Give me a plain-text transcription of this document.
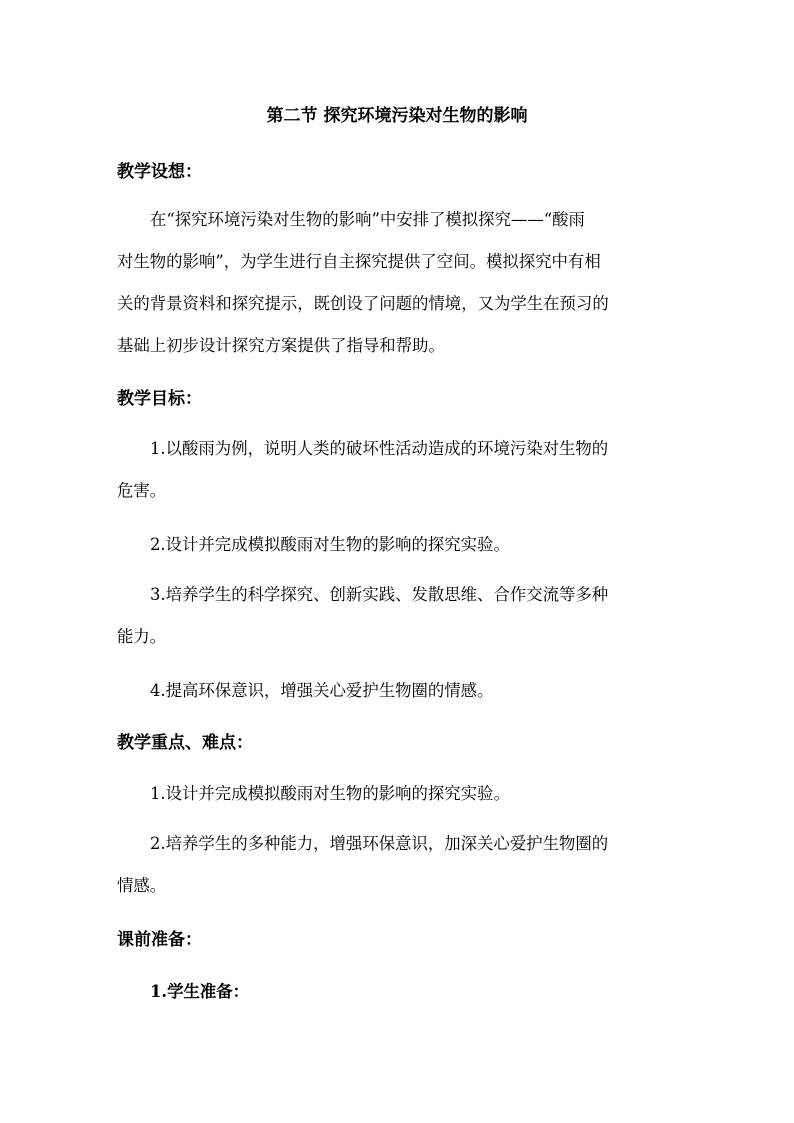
第二节 探究环境污染对生物的影响
教学设想：
在“探究环境污染对生物的影响”中安排了模拟探究——“酸雨
对生物的影响”，为学生进行自主探究提供了空间。模拟探究中有相
关的背景资料和探究提示，既创设了问题的情境，又为学生在预习的
基础上初步设计探究方案提供了指导和帮助。
教学目标：
1.以酸雨为例，说明人类的破坏性活动造成的环境污染对生物的
危害。
2.设计并完成模拟酸雨对生物的影响的探究实验。
3.培养学生的科学探究、创新实践、发散思维、合作交流等多种
能力。
4.提高环保意识，增强关心爱护生物圈的情感。
教学重点、难点：
1.设计并完成模拟酸雨对生物的影响的探究实验。
2.培养学生的多种能力，增强环保意识，加深关心爱护生物圈的
情感。
课前准备：
1.学生准备：
